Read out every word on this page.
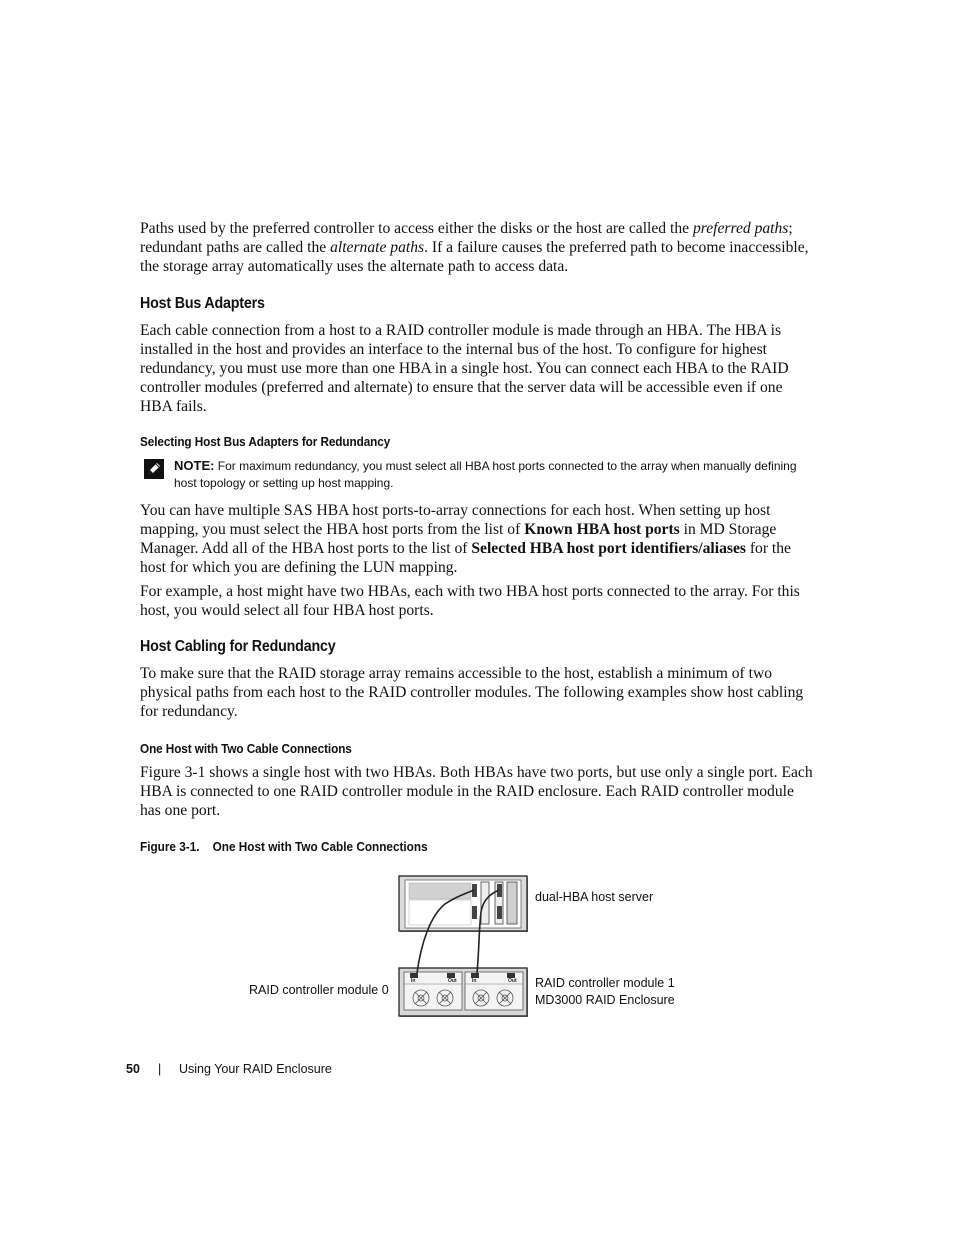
Paths used by the preferred controller to access either the disks or the host are called the preferred paths; redundant paths are called the alternate paths. If a failure causes the preferred path to become inaccessible, the storage array automatically uses the alternate path to access data.

Host Bus Adapters

Each cable connection from a host to a RAID controller module is made through an HBA. The HBA is installed in the host and provides an interface to the internal bus of the host. To configure for highest redundancy, you must use more than one HBA in a single host. You can connect each HBA to the RAID controller modules (preferred and alternate) to ensure that the server data will be accessible even if one HBA fails.

Selecting Host Bus Adapters for Redundancy
NOTE: For maximum redundancy, you must select all HBA host ports connected to the array when manually defining host topology or setting up host mapping.

You can have multiple SAS HBA host ports-to-array connections for each host. When setting up host mapping, you must select the HBA host ports from the list of Known HBA host ports in MD Storage Manager. Add all of the HBA host ports to the list of Selected HBA host port identifiers/aliases for the host for which you are defining the LUN mapping.

For example, a host might have two HBAs, each with two HBA host ports connected to the array. For this host, you would select all four HBA host ports.

Host Cabling for Redundancy

To make sure that the RAID storage array remains accessible to the host, establish a minimum of two physical paths from each host to the RAID controller modules. The following examples show host cabling for redundancy.

One Host with Two Cable Connections

Figure 3-1 shows a single host with two HBAs. Both HBAs have two ports, but use only a single port. Each HBA is connected to one RAID controller module in the RAID enclosure. Each RAID controller module has one port.

Figure 3-1. One Host with Two Cable Connections

In	Out	In	Out
dual-HBA host server
RAID controller module 0	RAID controller module 1
MD3000 RAID Enclosure
50 | Using Your RAID Enclosure
